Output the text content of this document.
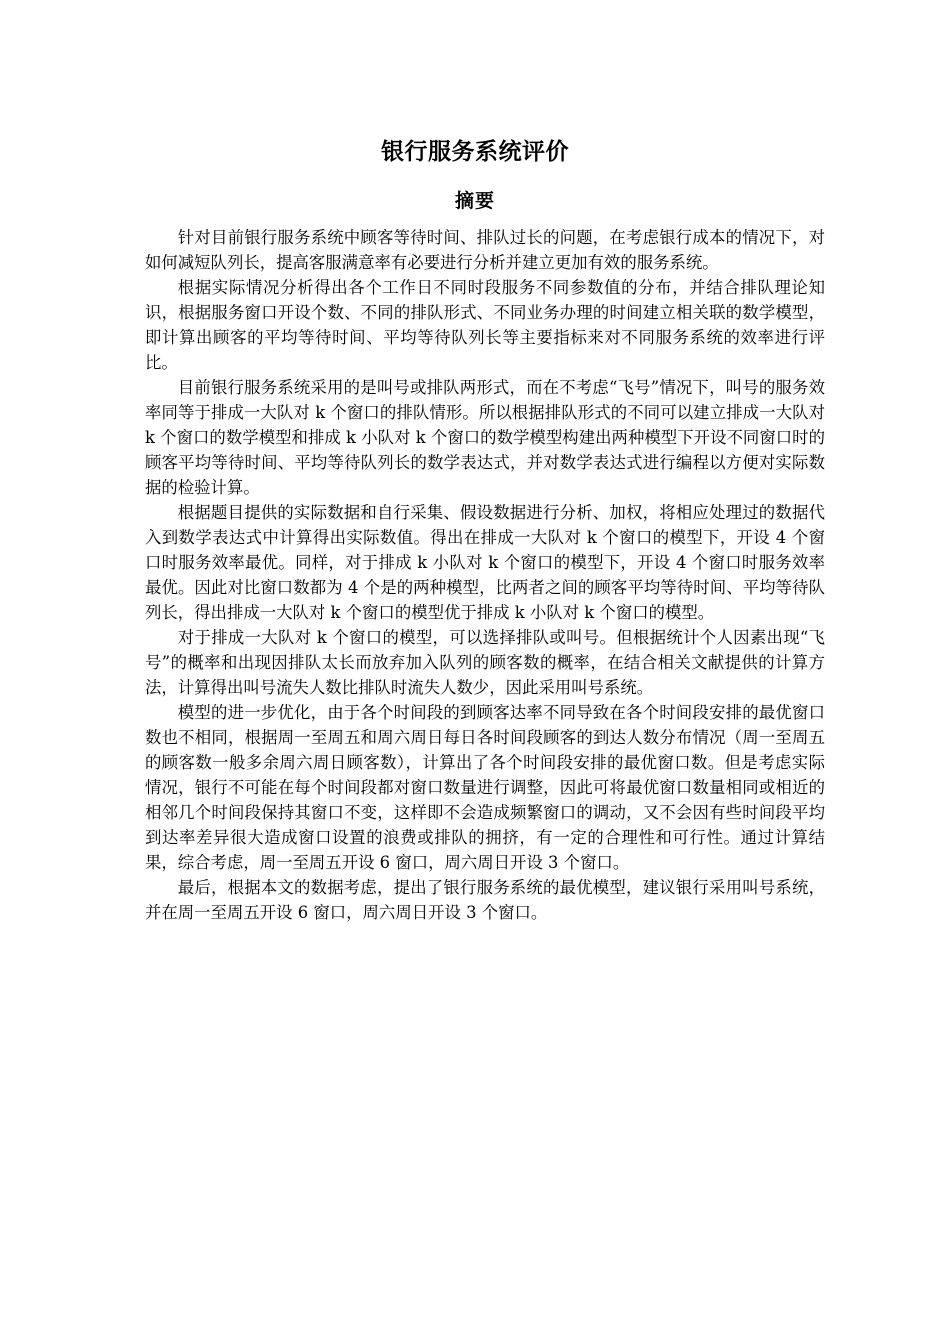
银行服务系统评价
摘要

针对目前银行服务系统中顾客等待时间、排队过长的问题，在考虑银行成本的情况下，对如何减短队列长，提高客服满意率有必要进行分析并建立更加有效的服务系统。

根据实际情况分析得出各个工作日不同时段服务不同参数值的分布，并结合排队理论知识，根据服务窗口开设个数、不同的排队形式、不同业务办理的时间建立相关联的数学模型，即计算出顾客的平均等待时间、平均等待队列长等主要指标来对不同服务系统的效率进行评比。

目前银行服务系统采用的是叫号或排队两形式，而在不考虑“飞号”情况下，叫号的服务效率同等于排成一大队对 k 个窗口的排队情形。所以根据排队形式的不同可以建立排成一大队对 k 个窗口的数学模型和排成 k 小队对 k 个窗口的数学模型构建出两种模型下开设不同窗口时的顾客平均等待时间、平均等待队列长的数学表达式，并对数学表达式进行编程以方便对实际数据的检验计算。

根据题目提供的实际数据和自行采集、假设数据进行分析、加权，将相应处理过的数据代入到数学表达式中计算得出实际数值。得出在排成一大队对 k 个窗口的模型下，开设 4 个窗口时服务效率最优。同样，对于排成 k 小队对 k 个窗口的模型下，开设 4 个窗口时服务效率最优。因此对比窗口数都为 4 个是的两种模型，比两者之间的顾客平均等待时间、平均等待队列长，得出排成一大队对 k 个窗口的模型优于排成 k 小队对 k 个窗口的模型。

对于排成一大队对 k 个窗口的模型，可以选择排队或叫号。但根据统计个人因素出现“飞号”的概率和出现因排队太长而放弃加入队列的顾客数的概率，在结合相关文献提供的计算方法，计算得出叫号流失人数比排队时流失人数少，因此采用叫号系统。

模型的进一步优化，由于各个时间段的到顾客达率不同导致在各个时间段安排的最优窗口数也不相同，根据周一至周五和周六周日每日各时间段顾客的到达人数分布情况（周一至周五的顾客数一般多余周六周日顾客数），计算出了各个时间段安排的最优窗口数。但是考虑实际情况，银行不可能在每个时间段都对窗口数量进行调整，因此可将最优窗口数量相同或相近的相邻几个时间段保持其窗口不变，这样即不会造成频繁窗口的调动，又不会因有些时间段平均到达率差异很大造成窗口设置的浪费或排队的拥挤，有一定的合理性和可行性。通过计算结果，综合考虑，周一至周五开设 6 窗口，周六周日开设 3 个窗口。

最后，根据本文的数据考虑，提出了银行服务系统的最优模型，建议银行采用叫号系统，并在周一至周五开设 6 窗口，周六周日开设 3 个窗口。
